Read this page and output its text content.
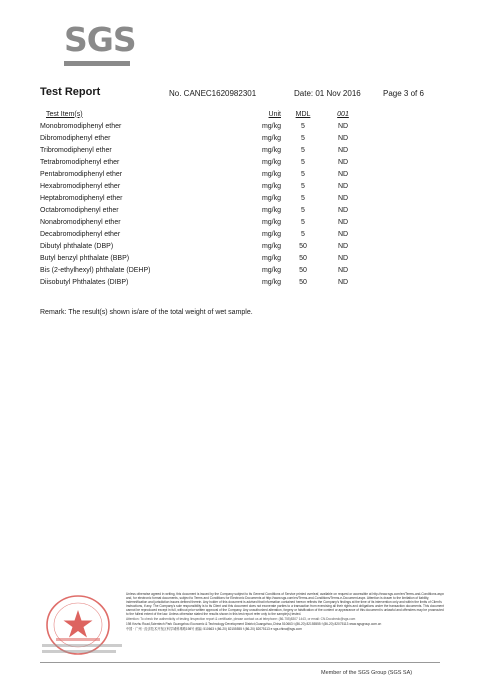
SGS
Test Report	No. CANEC1620982301	Date: 01 Nov 2016	Page 3 of 6
Test Item(s)	Unit	MDL	001
Monobromodiphenyl ether	mg/kg	5	ND
Dibromodiphenyl ether	mg/kg	5	ND
Tribromodiphenyl ether	mg/kg	5	ND
Tetrabromodiphenyl ether	mg/kg	5	ND
Pentabromodiphenyl ether	mg/kg	5	ND
Hexabromodiphenyl ether	mg/kg	5	ND
Heptabromodiphenyl ether	mg/kg	5	ND
Octabromodiphenyl ether	mg/kg	5	ND
Nonabromodiphenyl ether	mg/kg	5	ND
Decabromodiphenyl ether	mg/kg	5	ND
Dibutyl phthalate (DBP)	mg/kg	50	ND
Butyl benzyl phthalate (BBP)	mg/kg	50	ND
Bis (2-ethylhexyl) phthalate (DEHP)	mg/kg	50	ND
Diisobutyl Phthalates (DIBP)	mg/kg	50	ND
Remark: The result(s) shown is/are of the total weight of wet sample.

Unless otherwise agreed in writing, this document is issued by the Company subject to its General Conditions of Service printed overleaf, available on request or accessible at http://www.sgs.com/en/Terms-and-Conditions.aspx and, for electronic format documents, subject to Terms and Conditions for Electronic Documents at http://www.sgs.com/en/Terms-and-Conditions/Terms-e-Document.aspx. Attention is drawn to the limitation of liability, indemnification and jurisdiction issues defined therein. Any holder of this document is advised that information contained hereon reflects the Company's findings at the time of its intervention only and within the limits of Client's instructions, if any. The Company's sole responsibility is to its Client and this document does not exonerate parties to a transaction from exercising all their rights and obligations under the transaction documents. This document cannot be reproduced except in full, without prior written approval of the Company. Any unauthorized alteration, forgery or falsification of the content or appearance of this document is unlawful and offenders may be prosecuted to the fullest extent of the law. Unless otherwise stated the results shown in this test report refer only to the sample(s) tested.

Attention: To check the authenticity of testing /inspection report & certificate, please contact us at telephone: (86-755)8307 1443, or email: CN.Doccheck@sgs.com

198 Kezhu Road,Scientech Park Guangzhou Economic & Technology Development District,Guangzhou,China 510663 t (86-20) 82155555 f (86-20) 82075113 www.sgsgroup.com.cn

中国 · 广州 · 经济技术开发区科学城科珠路198号 邮编: 510663 t (86-20) 82155555 f (86-20) 82075113 e sgs.china@sgs.com

Member of the SGS Group (SGS SA)
